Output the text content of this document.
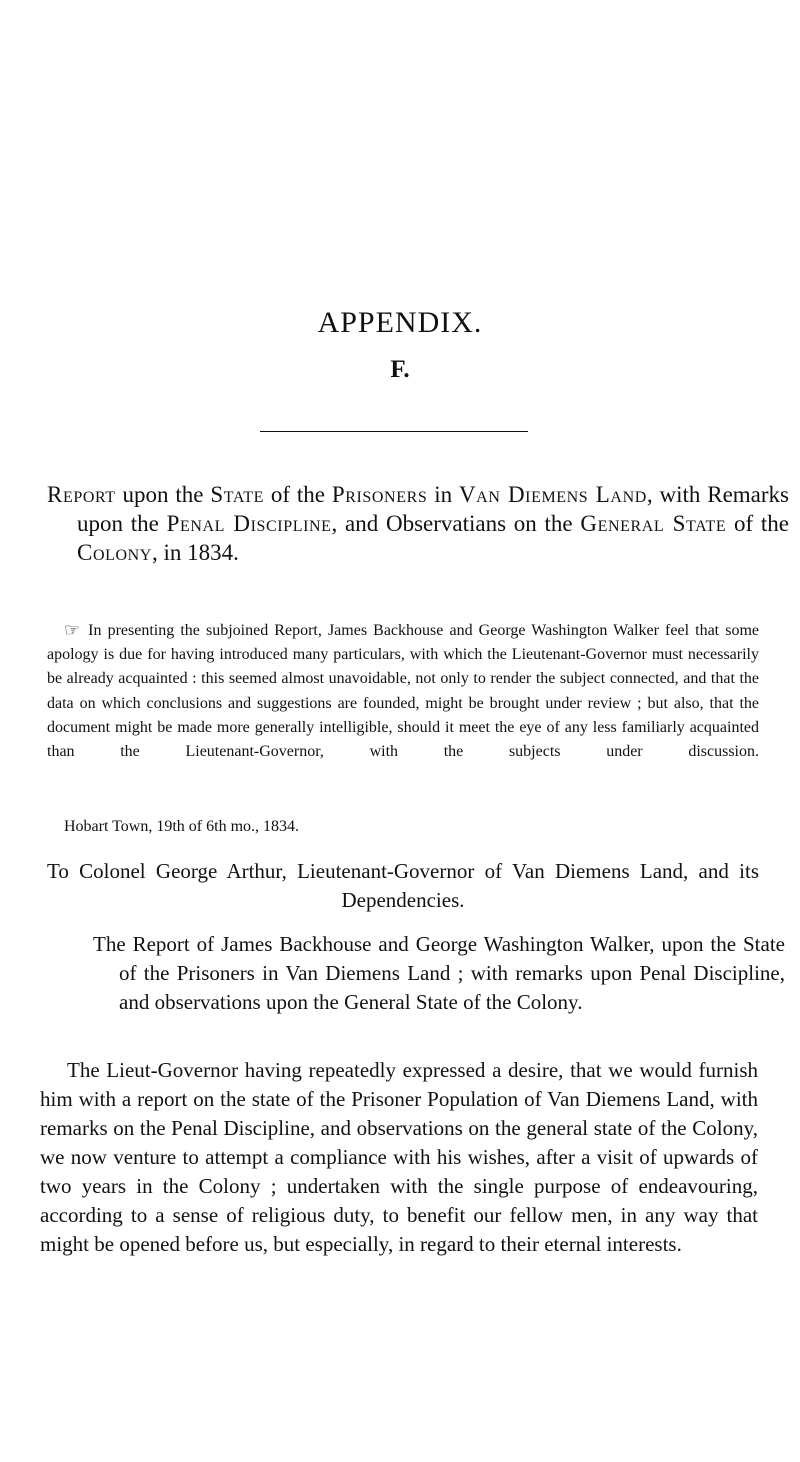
APPENDIX.
F.

Report upon the State of the Prisoners in Van Diemens Land, with Remarks upon the Penal Discipline, and Observatians on the General State of the Colony, in 1834.

☞ In presenting the subjoined Report, James Backhouse and George Washington Walker feel that some apology is due for having introduced many particulars, with which the Lieutenant-Governor must necessarily be already acquainted : this seemed almost unavoidable, not only to render the subject connected, and that the data on which conclusions and suggestions are founded, might be brought under review ; but also, that the document might be made more generally intelligible, should it meet the eye of any less familiarly acquainted than the Lieutenant-Governor, with the subjects under discussion.

Hobart Town, 19th of 6th mo., 1834.

To Colonel George Arthur, Lieutenant-Governor of Van Diemens Land, and its Dependencies.

The Report of James Backhouse and George Washington Walker, upon the State of the Prisoners in Van Diemens Land ; with remarks upon Penal Discipline, and observations upon the General State of the Colony.

The Lieut-Governor having repeatedly expressed a desire, that we would furnish him with a report on the state of the Prisoner Population of Van Diemens Land, with remarks on the Penal Discipline, and observations on the general state of the Colony, we now venture to attempt a compliance with his wishes, after a visit of upwards of two years in the Colony ; undertaken with the single purpose of endeavouring, according to a sense of religious duty, to benefit our fellow men, in any way that might be opened before us, but especially, in regard to their eternal interests.
